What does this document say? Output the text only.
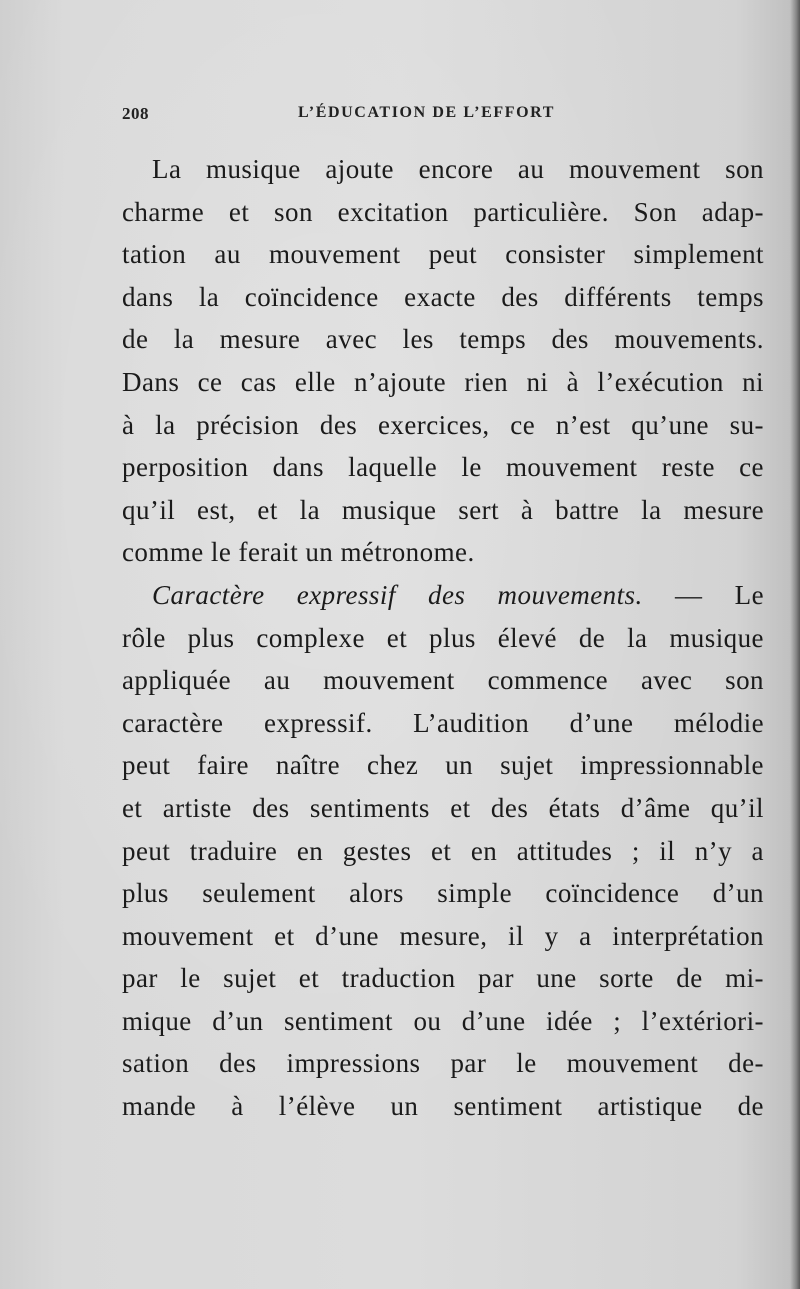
208	L’ÉDUCATION DE L’EFFORT
La musique ajoute encore au mouvement son
charme et son excitation particulière. Son adap-
tation au mouvement peut consister simplement
dans la coïncidence exacte des différents temps
de la mesure avec les temps des mouvements.
Dans ce cas elle n’ajoute rien ni à l’exécution ni
à la précision des exercices, ce n’est qu’une su-
perposition dans laquelle le mouvement reste ce
qu’il est, et la musique sert à battre la mesure
comme le ferait un métronome.
Caractère expressif des mouvements. — Le
rôle plus complexe et plus élevé de la musique
appliquée au mouvement commence avec son
caractère expressif. L’audition d’une mélodie
peut faire naître chez un sujet impressionnable
et artiste des sentiments et des états d’âme qu’il
peut traduire en gestes et en attitudes ; il n’y a
plus seulement alors simple coïncidence d’un
mouvement et d’une mesure, il y a interprétation
par le sujet et traduction par une sorte de mi-
mique d’un sentiment ou d’une idée ; l’extériori-
sation des impressions par le mouvement de-
mande à l’élève un sentiment artistique de
